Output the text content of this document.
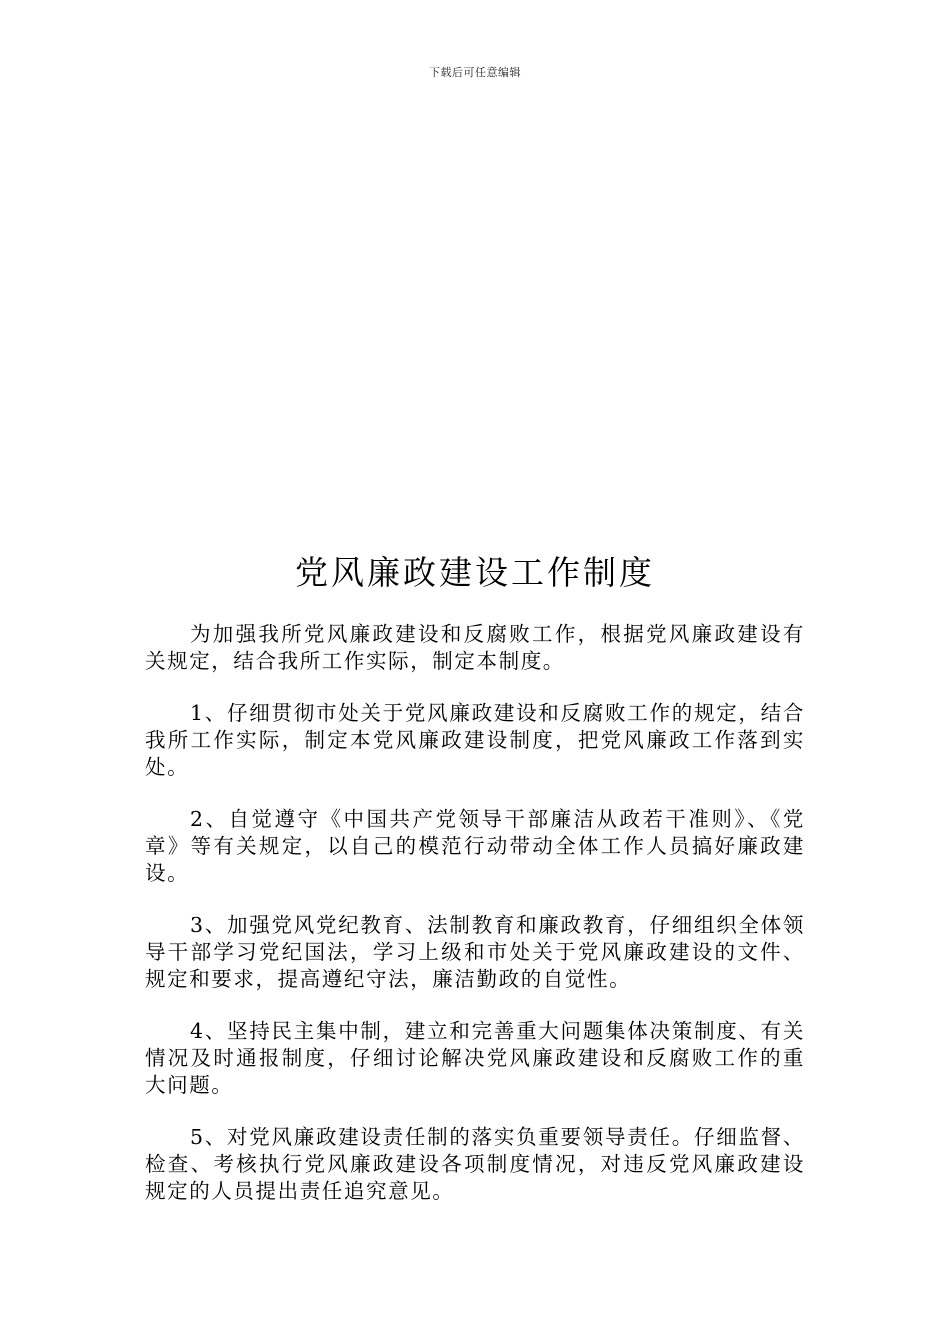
下载后可任意编辑
党风廉政建设工作制度

为加强我所党风廉政建设和反腐败工作，根据党风廉政建设有关规定，结合我所工作实际，制定本制度。

1、仔细贯彻市处关于党风廉政建设和反腐败工作的规定，结合我所工作实际，制定本党风廉政建设制度，把党风廉政工作落到实处。

2、自觉遵守《中国共产党领导干部廉洁从政若干准则》、《党章》等有关规定，以自己的模范行动带动全体工作人员搞好廉政建设。

3、加强党风党纪教育、法制教育和廉政教育，仔细组织全体领导干部学习党纪国法，学习上级和市处关于党风廉政建设的文件、规定和要求，提高遵纪守法，廉洁勤政的自觉性。

4、坚持民主集中制，建立和完善重大问题集体决策制度、有关情况及时通报制度，仔细讨论解决党风廉政建设和反腐败工作的重大问题。

5、对党风廉政建设责任制的落实负重要领导责任。仔细监督、检查、考核执行党风廉政建设各项制度情况，对违反党风廉政建设规定的人员提出责任追究意见。
